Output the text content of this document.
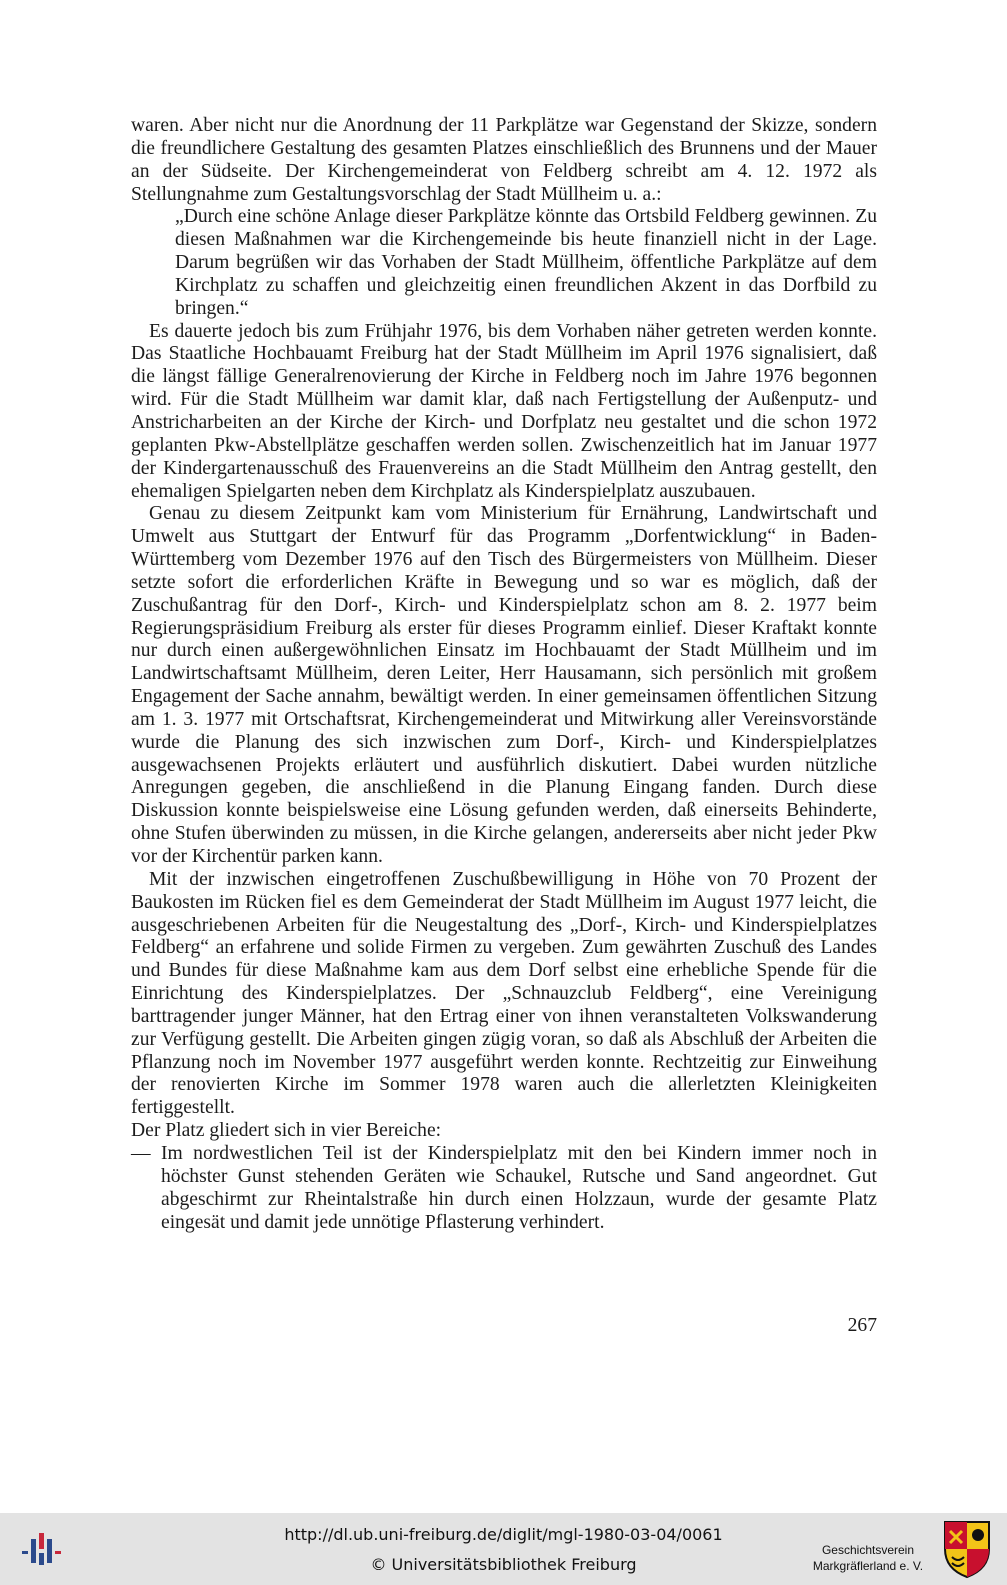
waren. Aber nicht nur die Anordnung der 11 Parkplätze war Gegenstand der Skizze, sondern die freundlichere Gestaltung des gesamten Platzes einschließlich des Brunnens und der Mauer an der Südseite. Der Kirchengemeinderat von Feldberg schreibt am 4. 12. 1972 als Stellungnahme zum Gestaltungsvorschlag der Stadt Müllheim u. a.:

„Durch eine schöne Anlage dieser Parkplätze könnte das Ortsbild Feldberg gewinnen. Zu diesen Maßnahmen war die Kirchengemeinde bis heute finanziell nicht in der Lage. Darum begrüßen wir das Vorhaben der Stadt Müllheim, öffentliche Parkplätze auf dem Kirchplatz zu schaffen und gleichzeitig einen freundlichen Akzent in das Dorfbild zu bringen.“

Es dauerte jedoch bis zum Frühjahr 1976, bis dem Vorhaben näher getreten werden konnte. Das Staatliche Hochbauamt Freiburg hat der Stadt Müllheim im April 1976 signalisiert, daß die längst fällige Generalrenovierung der Kirche in Feldberg noch im Jahre 1976 begonnen wird. Für die Stadt Müllheim war damit klar, daß nach Fertigstellung der Außenputz- und Anstricharbeiten an der Kirche der Kirch- und Dorfplatz neu gestaltet und die schon 1972 geplanten Pkw-Abstellplätze geschaffen werden sollen. Zwischenzeitlich hat im Januar 1977 der Kindergartenausschuß des Frauenvereins an die Stadt Müllheim den Antrag gestellt, den ehemaligen Spielgarten neben dem Kirchplatz als Kinderspielplatz auszubauen.

Genau zu diesem Zeitpunkt kam vom Ministerium für Ernährung, Landwirtschaft und Umwelt aus Stuttgart der Entwurf für das Programm „Dorfentwicklung“ in Baden-Württemberg vom Dezember 1976 auf den Tisch des Bürgermeisters von Müllheim. Dieser setzte sofort die erforderlichen Kräfte in Bewegung und so war es möglich, daß der Zuschußantrag für den Dorf-, Kirch- und Kinderspielplatz schon am 8. 2. 1977 beim Regierungspräsidium Freiburg als erster für dieses Programm einlief. Dieser Kraftakt konnte nur durch einen außergewöhnlichen Einsatz im Hochbauamt der Stadt Müllheim und im Landwirtschaftsamt Müllheim, deren Leiter, Herr Hausamann, sich persönlich mit großem Engagement der Sache annahm, bewältigt werden. In einer gemeinsamen öffentlichen Sitzung am 1. 3. 1977 mit Ortschaftsrat, Kirchengemeinderat und Mitwirkung aller Vereinsvorstände wurde die Planung des sich inzwischen zum Dorf-, Kirch- und Kinderspielplatzes ausgewachsenen Projekts erläutert und ausführlich diskutiert. Dabei wurden nützliche Anregungen gegeben, die anschließend in die Planung Eingang fanden. Durch diese Diskussion konnte beispielsweise eine Lösung gefunden werden, daß einerseits Behinderte, ohne Stufen überwinden zu müssen, in die Kirche gelangen, andererseits aber nicht jeder Pkw vor der Kirchentür parken kann.

Mit der inzwischen eingetroffenen Zuschußbewilligung in Höhe von 70 Prozent der Baukosten im Rücken fiel es dem Gemeinderat der Stadt Müllheim im August 1977 leicht, die ausgeschriebenen Arbeiten für die Neugestaltung des „Dorf-, Kirch- und Kinderspielplatzes Feldberg“ an erfahrene und solide Firmen zu vergeben. Zum gewährten Zuschuß des Landes und Bundes für diese Maßnahme kam aus dem Dorf selbst eine erhebliche Spende für die Einrichtung des Kinderspielplatzes. Der „Schnauzclub Feldberg“, eine Vereinigung barttragender junger Männer, hat den Ertrag einer von ihnen veranstalteten Volkswanderung zur Verfügung gestellt. Die Arbeiten gingen zügig voran, so daß als Abschluß der Arbeiten die Pflanzung noch im November 1977 ausgeführt werden konnte. Rechtzeitig zur Einweihung der renovierten Kirche im Sommer 1978 waren auch die allerletzten Kleinigkeiten fertiggestellt.

Der Platz gliedert sich in vier Bereiche:

— Im nordwestlichen Teil ist der Kinderspielplatz mit den bei Kindern immer noch in höchster Gunst stehenden Geräten wie Schaukel, Rutsche und Sand angeordnet. Gut abgeschirmt zur Rheintalstraße hin durch einen Holzzaun, wurde der gesamte Platz eingesät und damit jede unnötige Pflasterung verhindert.

267
http://dl.ub.uni-freiburg.de/diglit/mgl-1980-03-04/0061
© Universitätsbibliothek Freiburg
Geschichtsverein
Markgräflerland e. V.
